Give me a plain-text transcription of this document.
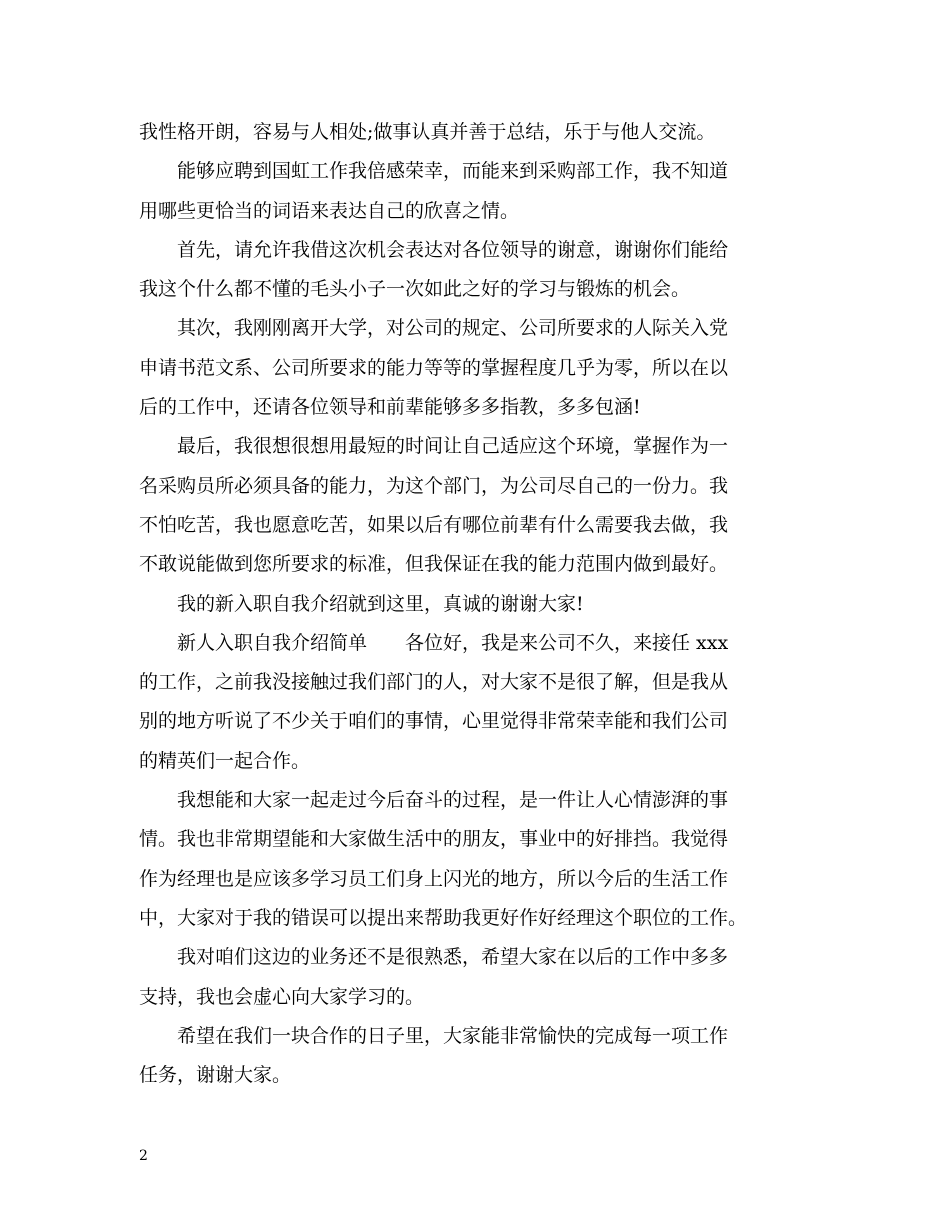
我性格开朗，容易与人相处;做事认真并善于总结，乐于与他人交流。
　　能够应聘到国虹工作我倍感荣幸，而能来到采购部工作，我不知道
用哪些更恰当的词语来表达自己的欣喜之情。
　　首先，请允许我借这次机会表达对各位领导的谢意，谢谢你们能给
我这个什么都不懂的毛头小子一次如此之好的学习与锻炼的机会。
　　其次，我刚刚离开大学，对公司的规定、公司所要求的人际关入党
申请书范文系、公司所要求的能力等等的掌握程度几乎为零，所以在以
后的工作中，还请各位领导和前辈能够多多指教，多多包涵!
　　最后，我很想很想用最短的时间让自己适应这个环境，掌握作为一
名采购员所必须具备的能力，为这个部门，为公司尽自己的一份力。我
不怕吃苦，我也愿意吃苦，如果以后有哪位前辈有什么需要我去做，我
不敢说能做到您所要求的标准，但我保证在我的能力范围内做到最好。
　　我的新入职自我介绍就到这里，真诚的谢谢大家!
　　新人入职自我介绍简单　　各位好，我是来公司不久，来接任 xxx
的工作，之前我没接触过我们部门的人，对大家不是很了解，但是我从
别的地方听说了不少关于咱们的事情，心里觉得非常荣幸能和我们公司
的精英们一起合作。
　　我想能和大家一起走过今后奋斗的过程，是一件让人心情澎湃的事
情。我也非常期望能和大家做生活中的朋友，事业中的好排挡。我觉得
作为经理也是应该多学习员工们身上闪光的地方，所以今后的生活工作
中，大家对于我的错误可以提出来帮助我更好作好经理这个职位的工作。
　　我对咱们这边的业务还不是很熟悉，希望大家在以后的工作中多多
支持，我也会虚心向大家学习的。
　　希望在我们一块合作的日子里，大家能非常愉快的完成每一项工作
任务，谢谢大家。
2
